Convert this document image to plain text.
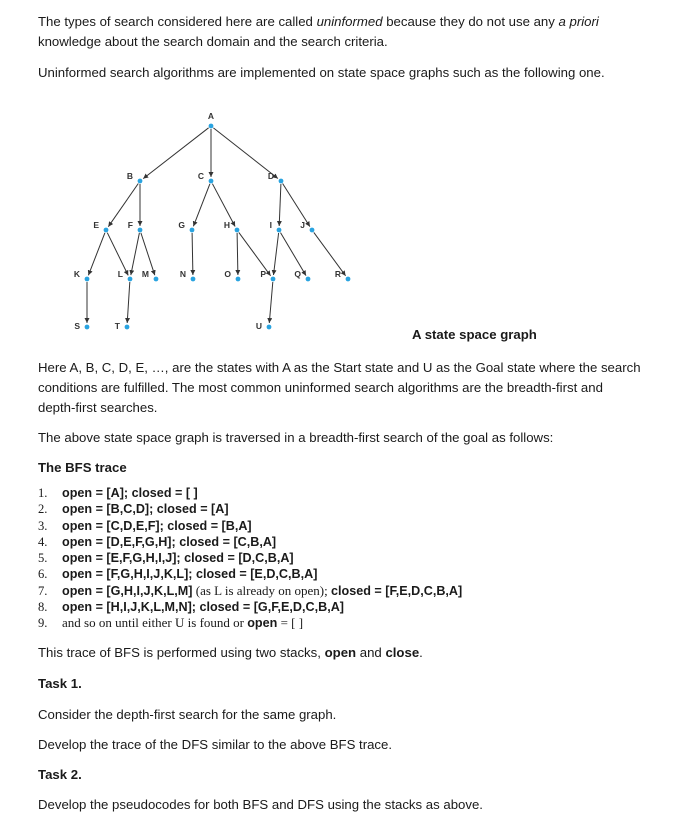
The types of search considered here are called uninformed because they do not use any a priori
knowledge about the search domain and the search criteria.

Uninformed search algorithms are implemented on state space graphs such as the following one.

A
B	C	D
E	F	G	H	I	J
K	L M	N	O	P	Q	R
S	T	U
A state space graph

Here A, B, C, D, E, …, are the states with A as the Start state and U as the Goal state where the search
conditions are fulfilled. The most common uninformed search algorithms are the breadth-first and
depth-first searches.

The above state space graph is traversed in a breadth-first search of the goal as follows:

The BFS trace

1. open = [A]; closed = [ ]
2. open = [B,C,D]; closed = [A]
3. open = [C,D,E,F]; closed = [B,A]
4. open = [D,E,F,G,H]; closed = [C,B,A]
5. open = [E,F,G,H,I,J]; closed = [D,C,B,A]
6. open = [F,G,H,I,J,K,L]; closed = [E,D,C,B,A]
7. open = [G,H,I,J,K,L,M] (as L is already on open); closed = [F,E,D,C,B,A]
8. open = [H,I,J,K,L,M,N]; closed = [G,F,E,D,C,B,A]
9. and so on until either U is found or open = [ ]

This trace of BFS is performed using two stacks, open and close.

Task 1.

Consider the depth-first search for the same graph.

Develop the trace of the DFS similar to the above BFS trace.

Task 2.

Develop the pseudocodes for both BFS and DFS using the stacks as above.
